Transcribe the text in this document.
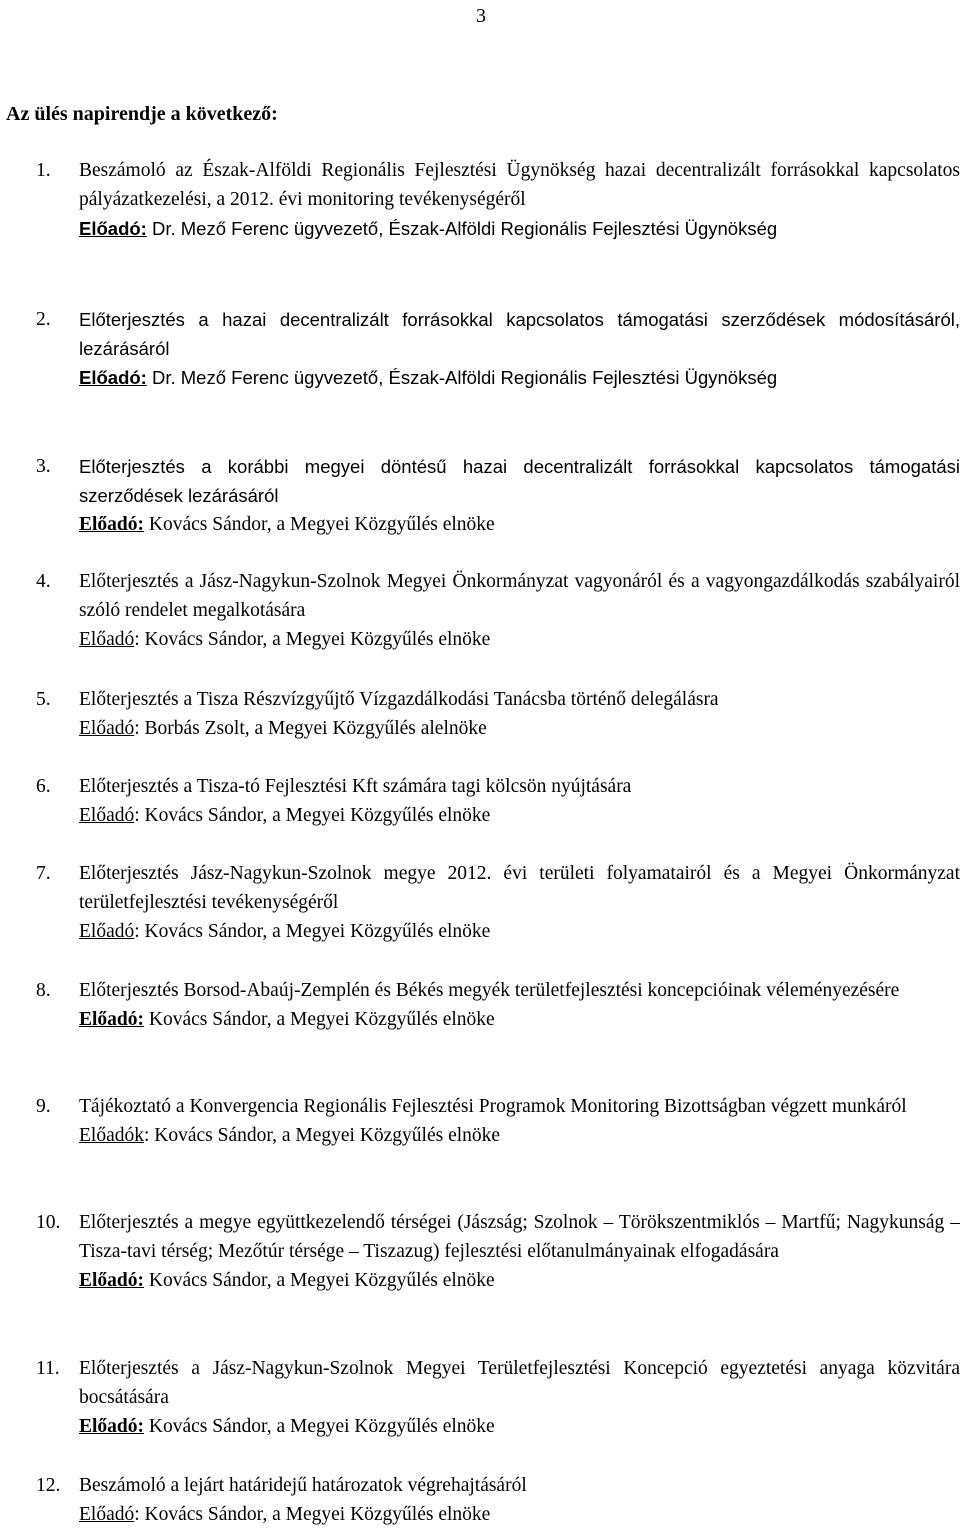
3
Az ülés napirendje a következő:
1.	Beszámoló az Észak-Alföldi Regionális Fejlesztési Ügynökség hazai decentralizált forrásokkal kapcsolatos pályázatkezelési, a 2012. évi monitoring tevékenységéről
Előadó: Dr. Mező Ferenc ügyvezető, Észak-Alföldi Regionális Fejlesztési Ügynökség
2.	Előterjesztés a hazai decentralizált forrásokkal kapcsolatos támogatási szerződések módosításáról, lezárásáról
Előadó: Dr. Mező Ferenc ügyvezető, Észak-Alföldi Regionális Fejlesztési Ügynökség
3.	Előterjesztés a korábbi megyei döntésű hazai decentralizált forrásokkal kapcsolatos támogatási szerződések lezárásáról
Előadó: Kovács Sándor, a Megyei Közgyűlés elnöke
4.	Előterjesztés a Jász-Nagykun-Szolnok Megyei Önkormányzat vagyonáról és a vagyongazdálkodás szabályairól szóló rendelet megalkotására
Előadó: Kovács Sándor, a Megyei Közgyűlés elnöke
5.	Előterjesztés a Tisza Részvízgyűjtő Vízgazdálkodási Tanácsba történő delegálásra
Előadó: Borbás Zsolt, a Megyei Közgyűlés alelnöke
6.	Előterjesztés a Tisza-tó Fejlesztési Kft számára tagi kölcsön nyújtására
Előadó: Kovács Sándor, a Megyei Közgyűlés elnöke
7.	Előterjesztés Jász-Nagykun-Szolnok megye 2012. évi területi folyamatairól és a Megyei Önkormányzat területfejlesztési tevékenységéről
Előadó: Kovács Sándor, a Megyei Közgyűlés elnöke
8.	Előterjesztés Borsod-Abaúj-Zemplén és Békés megyék területfejlesztési koncepcióinak véleményezésére
Előadó: Kovács Sándor, a Megyei Közgyűlés elnöke
9.	Tájékoztató a Konvergencia Regionális Fejlesztési Programok Monitoring Bizottságban végzett munkáról
Előadók: Kovács Sándor, a Megyei Közgyűlés elnöke
10. Előterjesztés a megye együttkezelendő térségei (Jászság; Szolnok – Törökszentmiklós – Martfű; Nagykunság – Tisza-tavi térség; Mezőtúr térsége – Tiszazug) fejlesztési előtanulmányainak elfogadására
Előadó: Kovács Sándor, a Megyei Közgyűlés elnöke
11. Előterjesztés a Jász-Nagykun-Szolnok Megyei Területfejlesztési Koncepció egyeztetési anyaga közvitára bocsátására
Előadó: Kovács Sándor, a Megyei Közgyűlés elnöke
12. Beszámoló a lejárt határidejű határozatok végrehajtásáról
Előadó: Kovács Sándor, a Megyei Közgyűlés elnöke
